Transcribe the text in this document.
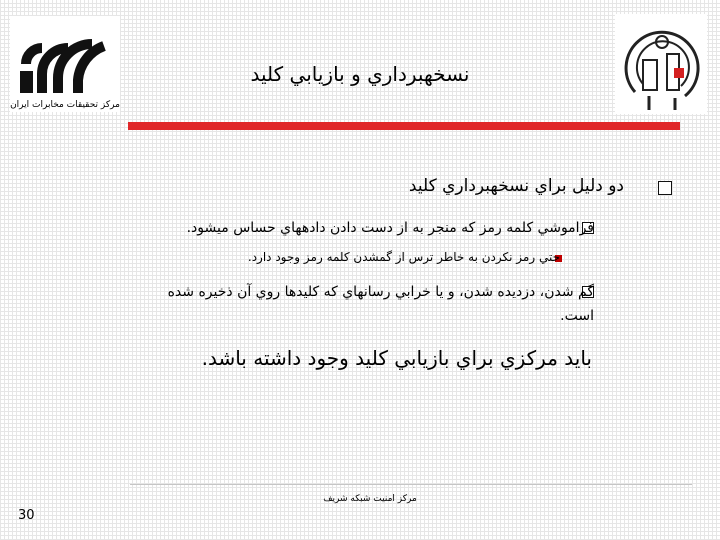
مركز تحقيقات مخابرات ايران
نسخهبرداري و بازيابي كليد
دو دليل براي نسخهبرداري كليد
فراموشي كلمه رمز كه منجر به از دست دادن دادههاي حساس ميشود.
حتي رمز نكردن به خاطر ترس از گمشدن كلمه رمز وجود دارد.
گم شدن، دزديده شدن، و يا خرابي رسانهاي كه كليدها روي آن ذخيره شده
است.
بايد مركزي براي بازيابي كليد وجود داشته باشد.
مركز امنيت شبكه شريف
30
